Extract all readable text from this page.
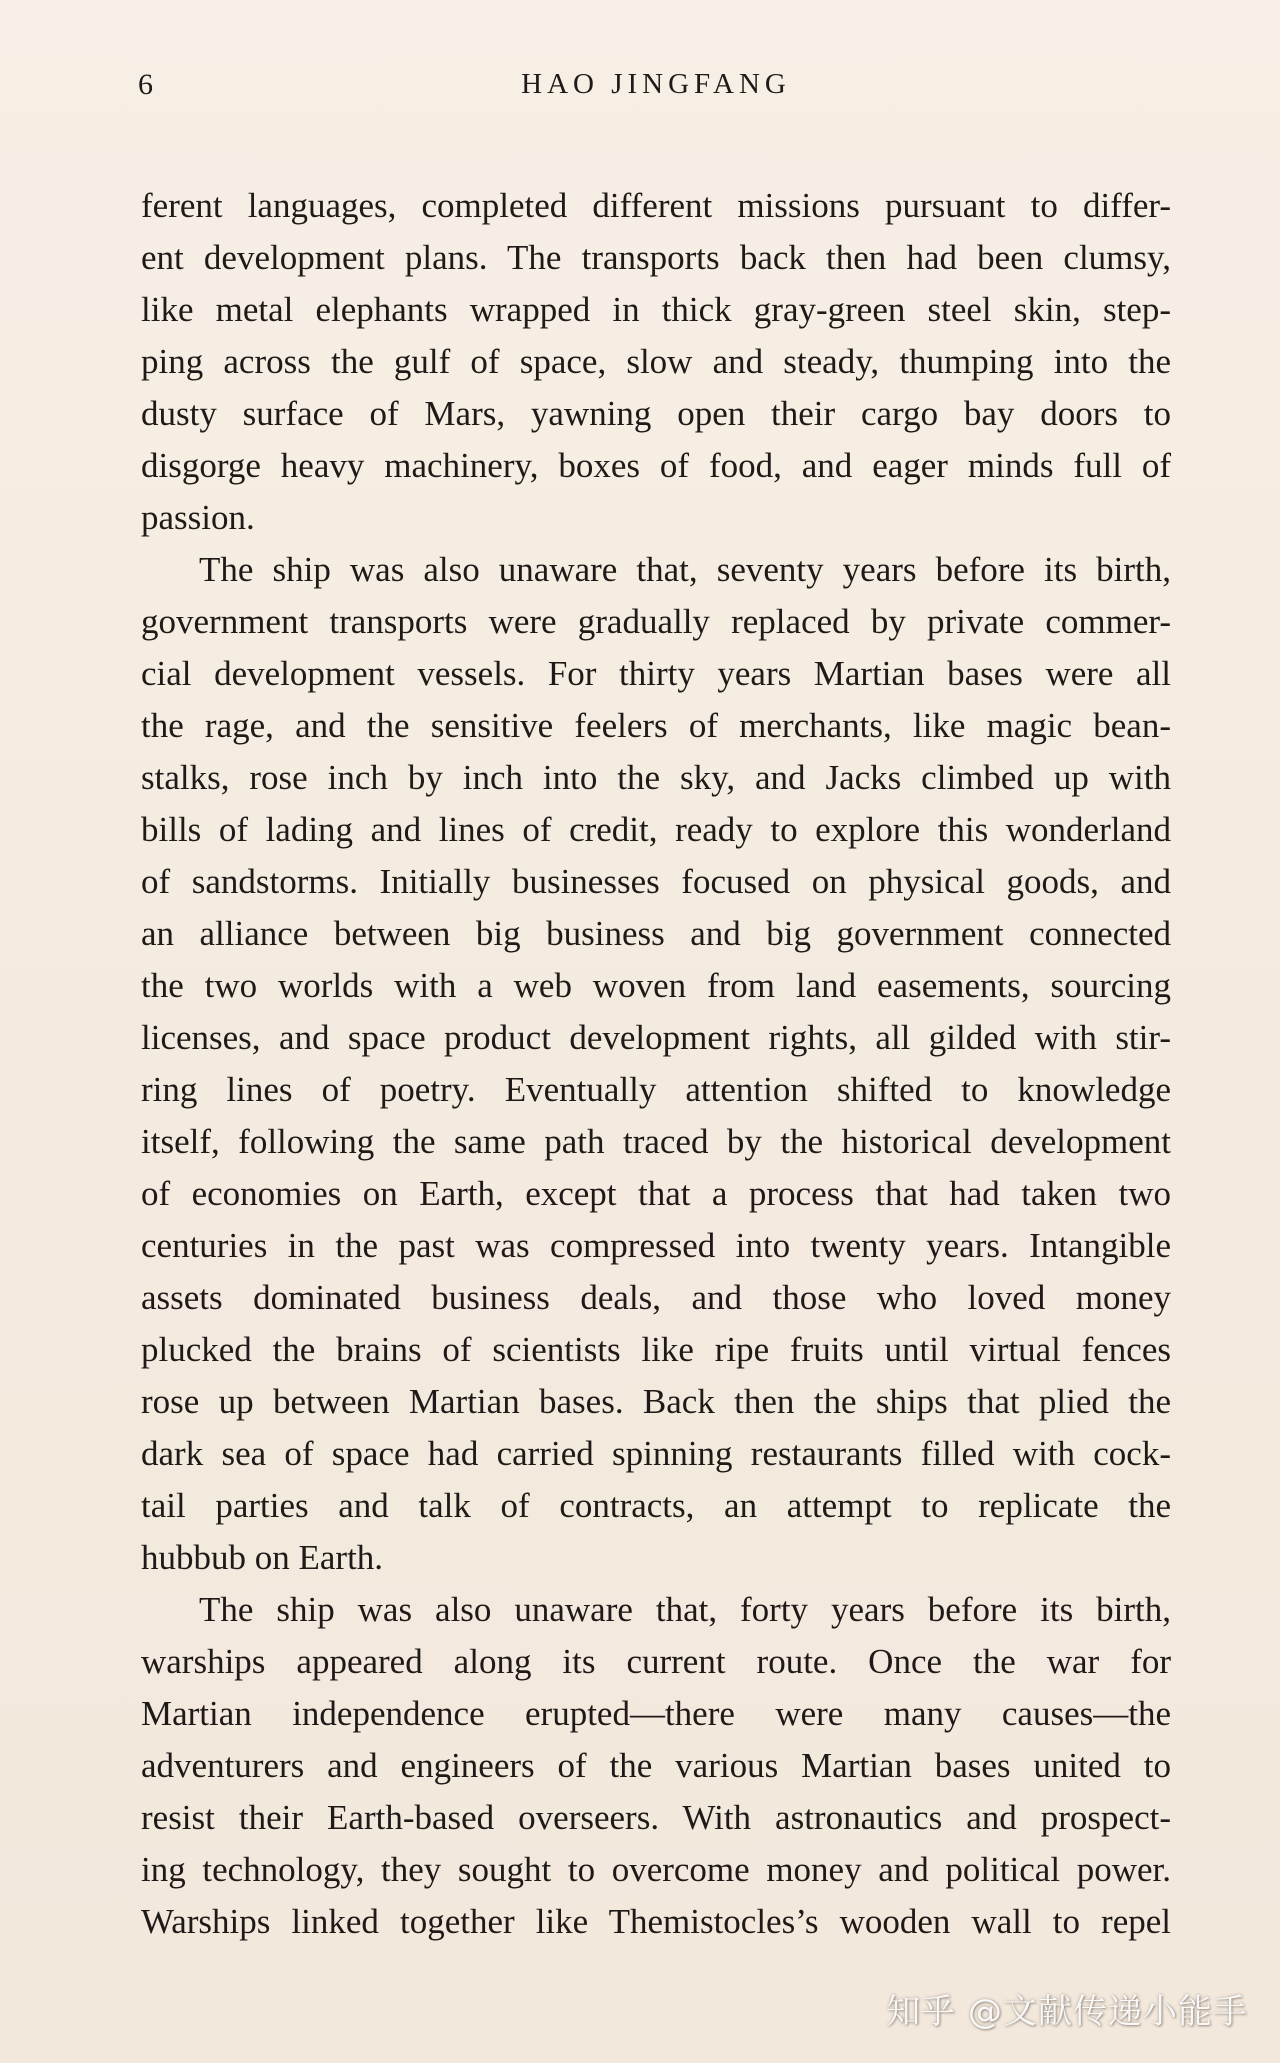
6	HAO JINGFANG
ferent languages, completed different missions pursuant to differ-
ent development plans. The transports back then had been clumsy,
like metal elephants wrapped in thick gray-green steel skin, step-
ping across the gulf of space, slow and steady, thumping into the
dusty surface of Mars, yawning open their cargo bay doors to
disgorge heavy machinery, boxes of food, and eager minds full of
passion.
The ship was also unaware that, seventy years before its birth,
government transports were gradually replaced by private commer-
cial development vessels. For thirty years Martian bases were all
the rage, and the sensitive feelers of merchants, like magic bean-
stalks, rose inch by inch into the sky, and Jacks climbed up with
bills of lading and lines of credit, ready to explore this wonderland
of sandstorms. Initially businesses focused on physical goods, and
an alliance between big business and big government connected
the two worlds with a web woven from land easements, sourcing
licenses, and space product development rights, all gilded with stir-
ring lines of poetry. Eventually attention shifted to knowledge
itself, following the same path traced by the historical development
of economies on Earth, except that a process that had taken two
centuries in the past was compressed into twenty years. Intangible
assets dominated business deals, and those who loved money
plucked the brains of scientists like ripe fruits until virtual fences
rose up between Martian bases. Back then the ships that plied the
dark sea of space had carried spinning restaurants filled with cock-
tail parties and talk of contracts, an attempt to replicate the
hubbub on Earth.
The ship was also unaware that, forty years before its birth,
warships appeared along its current route. Once the war for
Martian independence erupted—there were many causes—the
adventurers and engineers of the various Martian bases united to
resist their Earth-based overseers. With astronautics and prospect-
ing technology, they sought to overcome money and political power.
Warships linked together like Themistocles’s wooden wall to repel
知乎 @文献传递小能手
